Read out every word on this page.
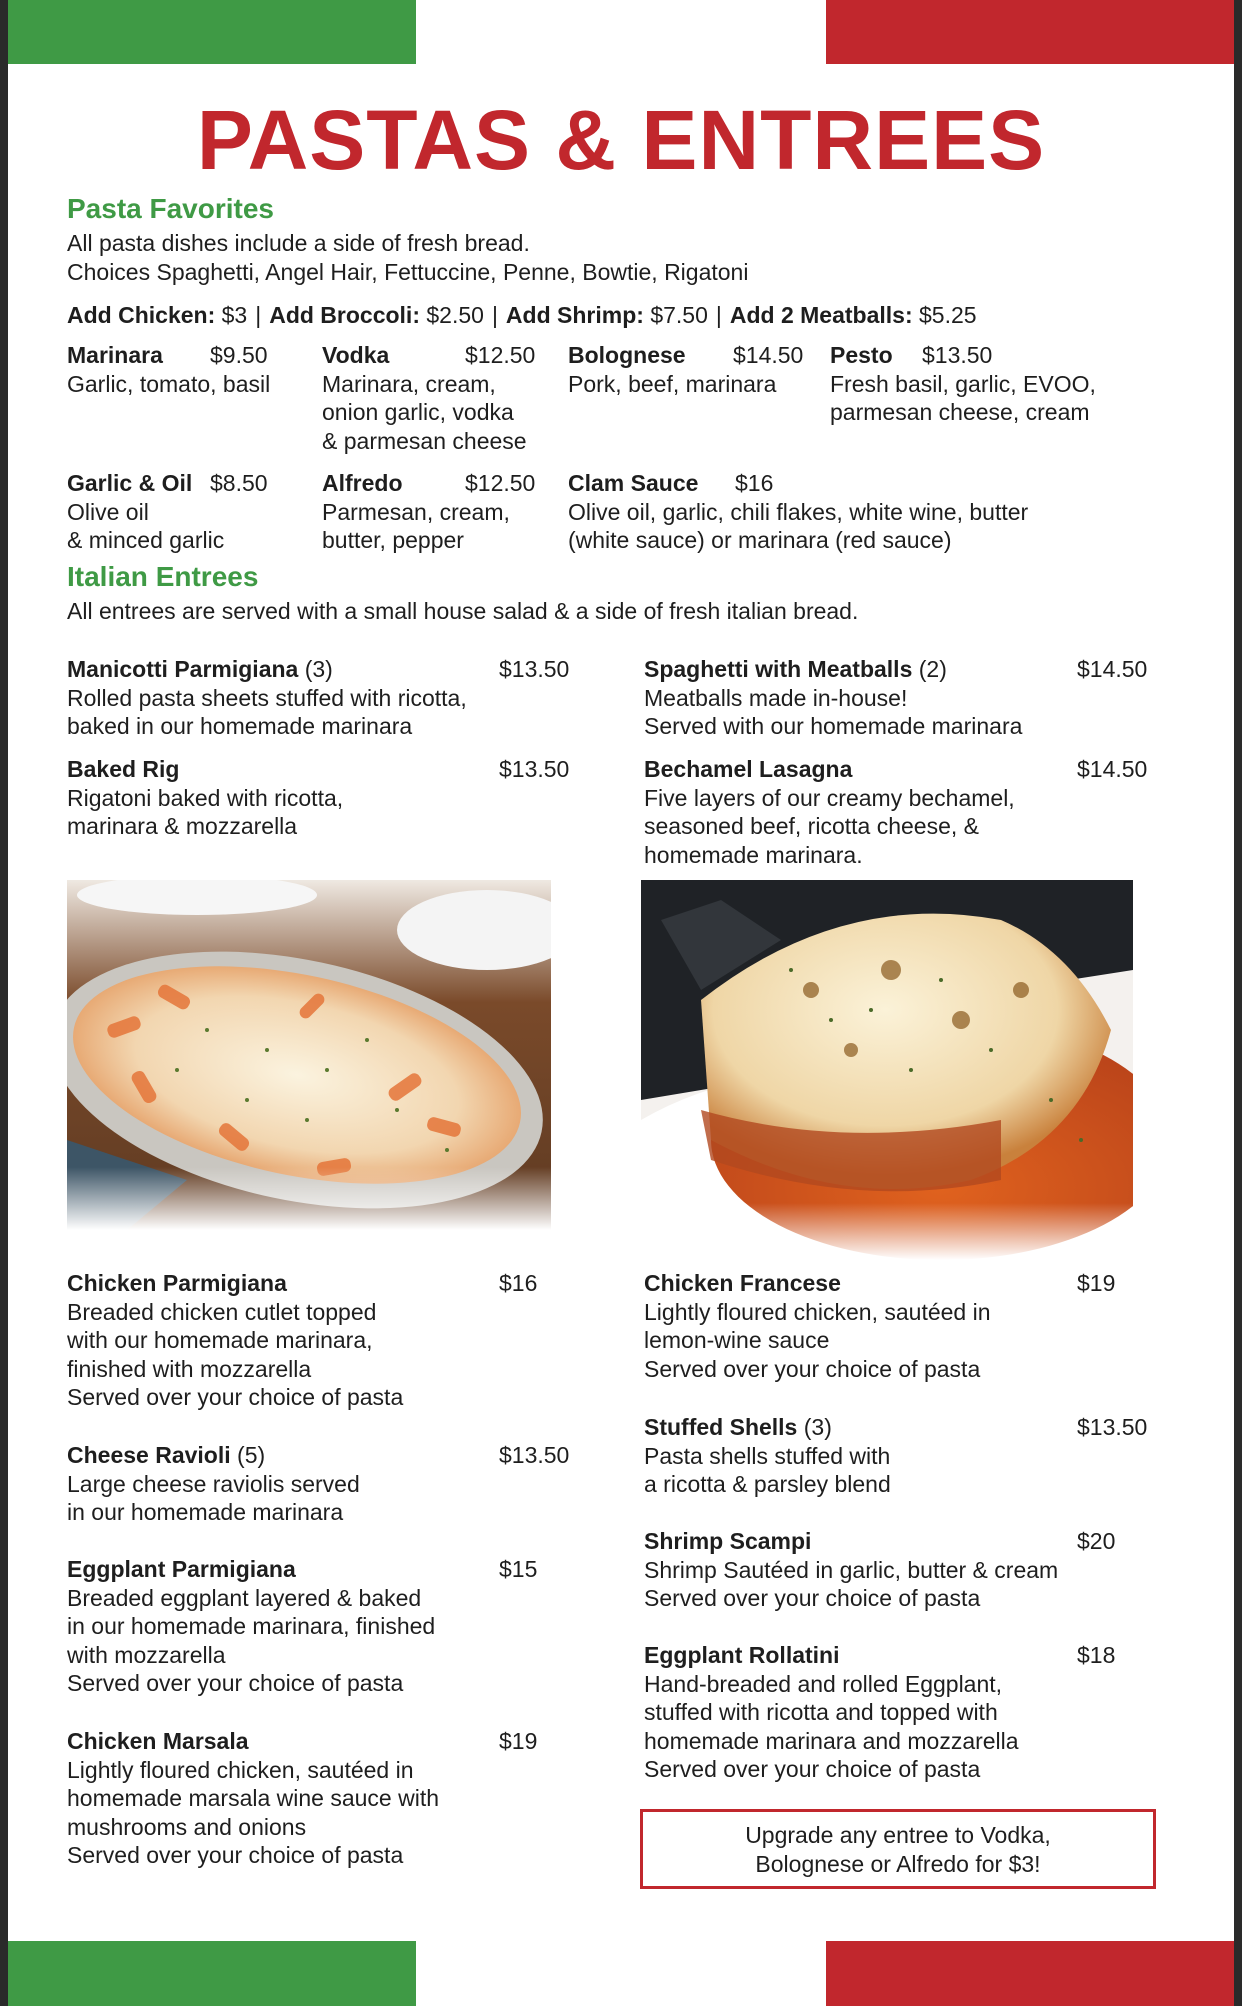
PASTAS & ENTREES
Pasta Favorites
All pasta dishes include a side of fresh bread.
Choices Spaghetti, Angel Hair, Fettuccine, Penne, Bowtie, Rigatoni
Add Chicken: $3 | Add Broccoli: $2.50 | Add Shrimp: $7.50 | Add 2 Meatballs: $5.25
Marinara $9.50
Garlic, tomato, basil
Vodka	$12.50
Marinara, cream,
onion garlic, vodka
& parmesan cheese
Bolognese $14.50
Pork, beef, marinara
Pesto $13.50
Fresh basil, garlic, EVOO,
parmesan cheese, cream
Garlic & Oil $8.50
Olive oil
& minced garlic
Alfredo	$12.50
Parmesan, cream,
butter, pepper
Clam Sauce $16
Olive oil, garlic, chili flakes, white wine, butter
(white sauce) or marinara (red sauce)
Italian Entrees
All entrees are served with a small house salad & a side of fresh italian bread.
Manicotti Parmigiana (3)	$13.50
Rolled pasta sheets stuffed with ricotta,
baked in our homemade marinara
Baked Rig	$13.50
Rigatoni baked with ricotta,
marinara & mozzarella
Spaghetti with Meatballs (2)	$14.50
Meatballs made in-house!
Served with our homemade marinara
Bechamel Lasagna	$14.50
Five layers of our creamy bechamel,
seasoned beef, ricotta cheese, &
homemade marinara.
Chicken Parmigiana	$16
Breaded chicken cutlet topped
with our homemade marinara,
finished with mozzarella
Served over your choice of pasta
Cheese Ravioli (5)	$13.50
Large cheese raviolis served
in our homemade marinara
Eggplant Parmigiana	$15
Breaded eggplant layered & baked
in our homemade marinara, finished
with mozzarella
Served over your choice of pasta
Chicken Marsala	$19
Lightly floured chicken, sautéed in
homemade marsala wine sauce with
mushrooms and onions
Served over your choice of pasta
Chicken Francese	$19
Lightly floured chicken, sautéed in
lemon-wine sauce
Served over your choice of pasta
Stuffed Shells (3)	$13.50
Pasta shells stuffed with
a ricotta & parsley blend
Shrimp Scampi	$20
Shrimp Sautéed in garlic, butter & cream
Served over your choice of pasta
Eggplant Rollatini	$18
Hand-breaded and rolled Eggplant,
stuffed with ricotta and topped with
homemade marinara and mozzarella
Served over your choice of pasta
Upgrade any entree to Vodka,
Bolognese or Alfredo for $3!
